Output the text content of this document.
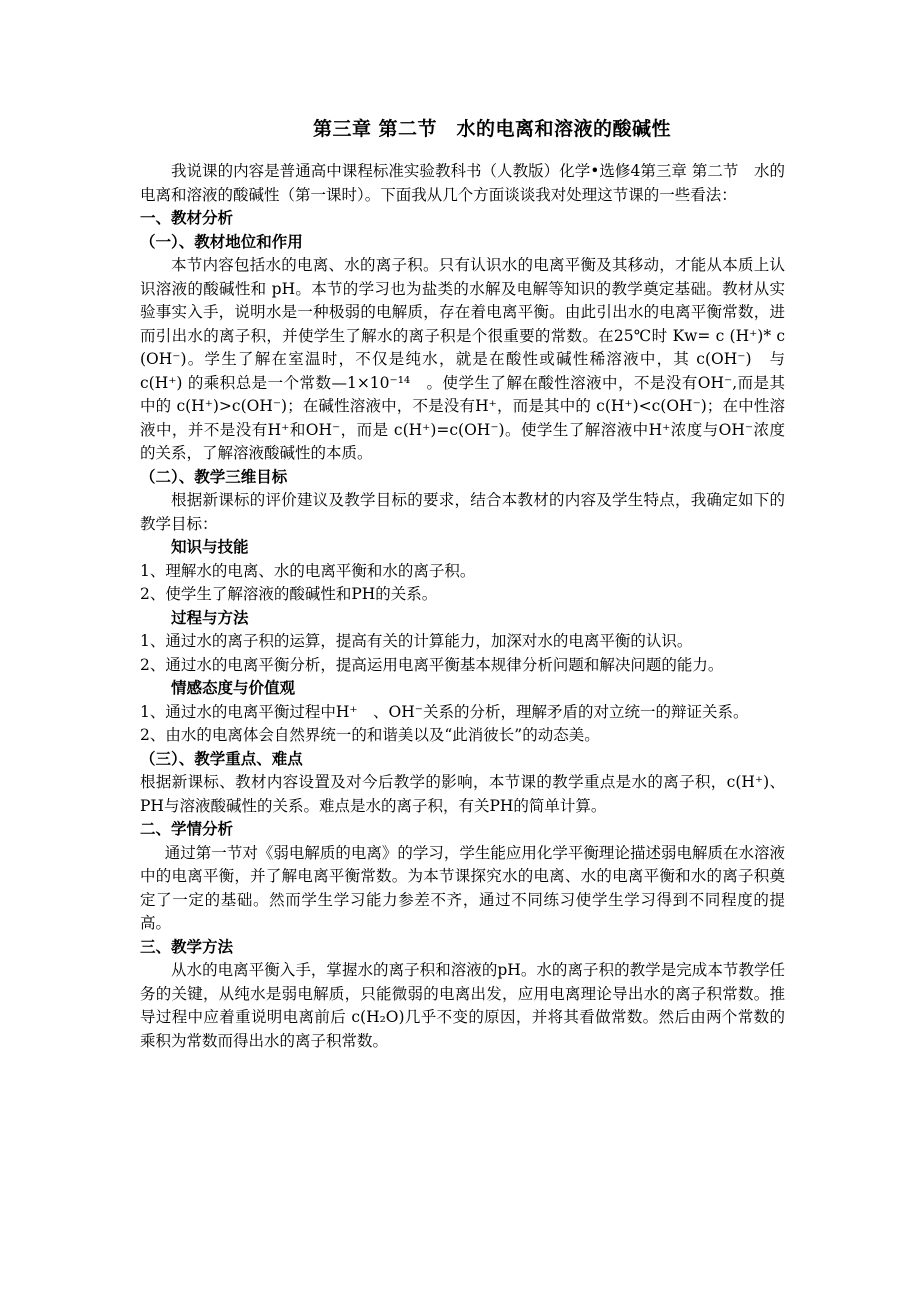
第三章 第二节　水的电离和溶液的酸碱性

我说课的内容是普通高中课程标准实验教科书（人教版）化学•选修4第三章 第二节　水的电离和溶液的酸碱性（第一课时）。下面我从几个方面谈谈我对处理这节课的一些看法：

一、教材分析

（一）、教材地位和作用

本节内容包括水的电离、水的离子积。只有认识水的电离平衡及其移动，才能从本质上认识溶液的酸碱性和 pH。本节的学习也为盐类的水解及电解等知识的教学奠定基础。教材从实验事实入手，说明水是一种极弱的电解质，存在着电离平衡。由此引出水的电离平衡常数，进而引出水的离子积，并使学生了解水的离子积是个很重要的常数。在25℃时 Kw= c (H⁺)* c (OH⁻)。学生了解在室温时，不仅是纯水，就是在酸性或碱性稀溶液中，其 c(OH⁻)　与 c(H⁺) 的乘积总是一个常数—1×10⁻¹⁴　。使学生了解在酸性溶液中，不是没有OH⁻,而是其中的 c(H⁺)>c(OH⁻)；在碱性溶液中，不是没有H⁺，而是其中的 c(H⁺)<c(OH⁻)；在中性溶液中，并不是没有H⁺和OH⁻，而是 c(H⁺)=c(OH⁻)。使学生了解溶液中H⁺浓度与OH⁻浓度的关系，了解溶液酸碱性的本质。

（二）、教学三维目标

根据新课标的评价建议及教学目标的要求，结合本教材的内容及学生特点，我确定如下的教学目标：

知识与技能

1、理解水的电离、水的电离平衡和水的离子积。

2、使学生了解溶液的酸碱性和PH的关系。

过程与方法

1、通过水的离子积的运算，提高有关的计算能力，加深对水的电离平衡的认识。

2、通过水的电离平衡分析，提高运用电离平衡基本规律分析问题和解决问题的能力。

情感态度与价值观

1、通过水的电离平衡过程中H⁺　、OH⁻关系的分析，理解矛盾的对立统一的辩证关系。

2、由水的电离体会自然界统一的和谐美以及“此消彼长”的动态美。

（三）、教学重点、难点

根据新课标、教材内容设置及对今后教学的影响，本节课的教学重点是水的离子积，c(H⁺)、PH与溶液酸碱性的关系。难点是水的离子积，有关PH的简单计算。

二、学情分析

通过第一节对《弱电解质的电离》的学习，学生能应用化学平衡理论描述弱电解质在水溶液中的电离平衡，并了解电离平衡常数。为本节课探究水的电离、水的电离平衡和水的离子积奠定了一定的基础。然而学生学习能力参差不齐，通过不同练习使学生学习得到不同程度的提高。

三、教学方法

从水的电离平衡入手，掌握水的离子积和溶液的pH。水的离子积的教学是完成本节教学任务的关键，从纯水是弱电解质，只能微弱的电离出发，应用电离理论导出水的离子积常数。推导过程中应着重说明电离前后 c(H₂O)几乎不变的原因，并将其看做常数。然后由两个常数的乘积为常数而得出水的离子积常数。
